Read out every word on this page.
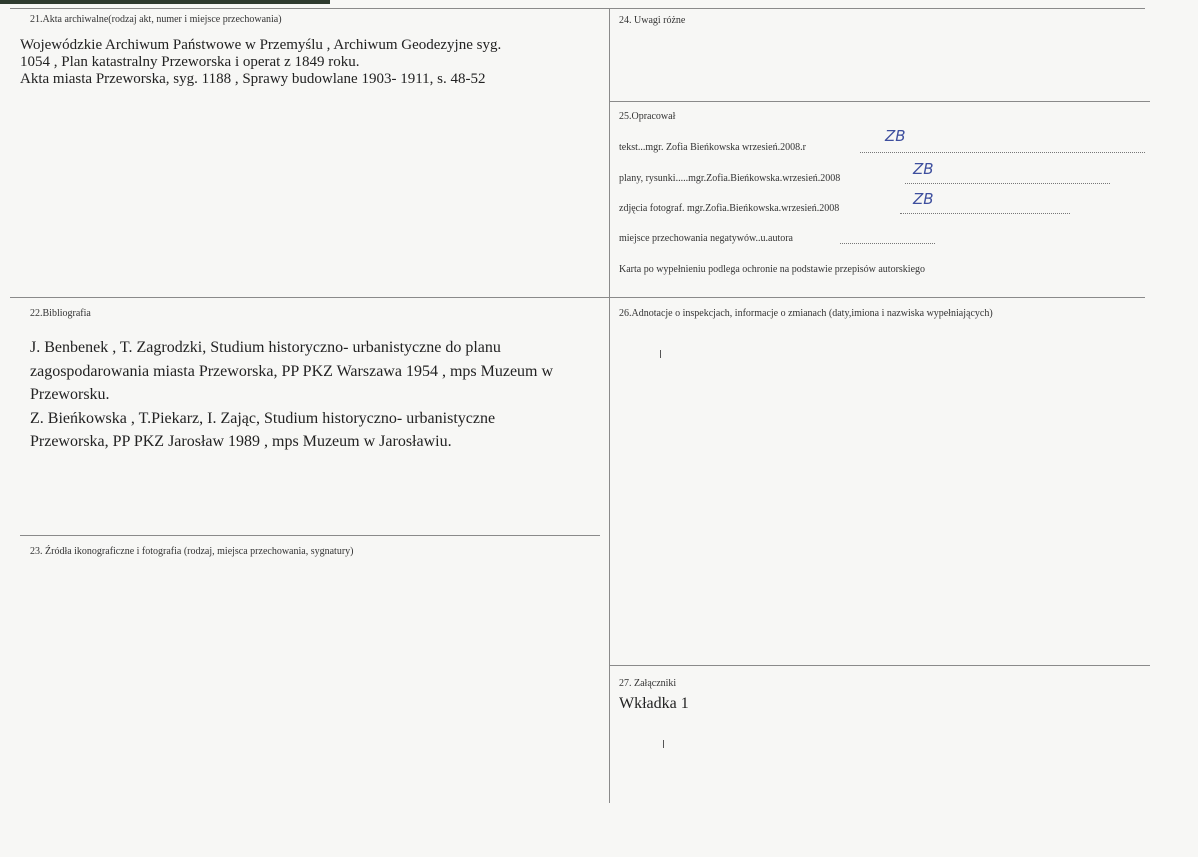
21.Akta archiwalne(rodzaj akt, numer i miejsce przechowania)
Wojewódzkie Archiwum Państwowe w Przemyślu , Archiwum Geodezyjne syg.
1054 , Plan katastralny Przeworska i operat z 1849 roku.
Akta miasta Przeworska, syg. 1188 , Sprawy budowlane 1903- 1911, s. 48-52
24. Uwagi różne
25.Opracował
tekst...mgr. Zofia Bieńkowska wrzesień.2008.r
ZB
plany, rysunki.....mgr.Zofia.Bieńkowska.wrzesień.2008
ZB
zdjęcia fotograf. mgr.Zofia.Bieńkowska.wrzesień.2008
ZB
miejsce przechowania negatywów..u.autora
Karta po wypełnieniu podlega ochronie na podstawie przepisów autorskiego
22.Bibliografia
J. Benbenek , T. Zagrodzki, Studium historyczno- urbanistyczne do planu
zagospodarowania miasta Przeworska, PP PKZ Warszawa 1954 , mps Muzeum w
Przeworsku.
Z. Bieńkowska , T.Piekarz, I. Zając, Studium historyczno- urbanistyczne
Przeworska, PP PKZ Jarosław 1989 , mps Muzeum w Jarosławiu.
26.Adnotacje o inspekcjach, informacje o zmianach (daty,imiona i nazwiska wypełniających)
23. Źródła ikonograficzne i fotografia (rodzaj, miejsca przechowania, sygnatury)
27. Załączniki
Wkładka 1
